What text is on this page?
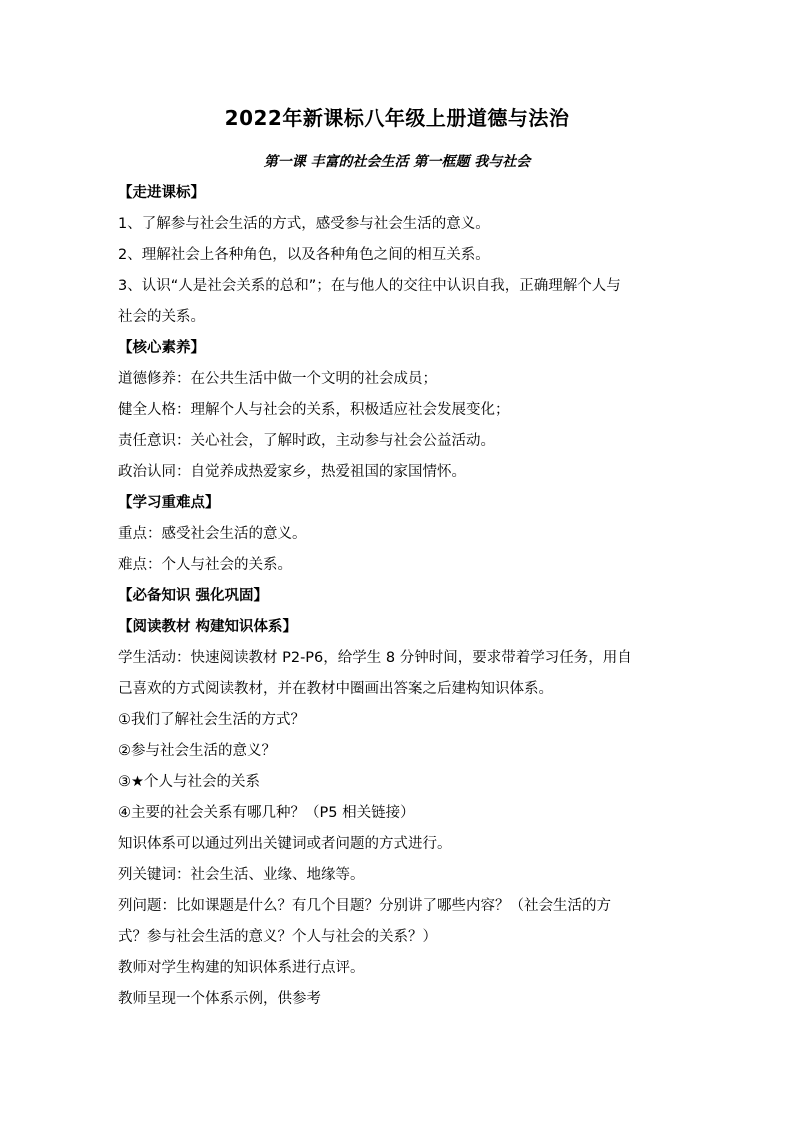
2022年新课标八年级上册道德与法治
第一课 丰富的社会生活 第一框题 我与社会
【走进课标】
1、了解参与社会生活的方式，感受参与社会生活的意义。
2、理解社会上各种角色，以及各种角色之间的相互关系。
3、认识“人是社会关系的总和”；在与他人的交往中认识自我，正确理解个人与
社会的关系。
【核心素养】
道德修养：在公共生活中做一个文明的社会成员；
健全人格：理解个人与社会的关系，积极适应社会发展变化；
责任意识：关心社会，了解时政，主动参与社会公益活动。
政治认同：自觉养成热爱家乡，热爱祖国的家国情怀。
【学习重难点】
重点：感受社会生活的意义。
难点：个人与社会的关系。
【必备知识 强化巩固】
【阅读教材 构建知识体系】
学生活动：快速阅读教材 P2-P6，给学生 8 分钟时间，要求带着学习任务，用自
己喜欢的方式阅读教材，并在教材中圈画出答案之后建构知识体系。
①我们了解社会生活的方式？
②参与社会生活的意义？
③★个人与社会的关系
④主要的社会关系有哪几种？（P5 相关链接）
知识体系可以通过列出关键词或者问题的方式进行。
列关键词：社会生活、业缘、地缘等。
列问题：比如课题是什么？有几个目题？分别讲了哪些内容？（社会生活的方
式？参与社会生活的意义？个人与社会的关系？）
教师对学生构建的知识体系进行点评。
教师呈现一个体系示例，供参考
